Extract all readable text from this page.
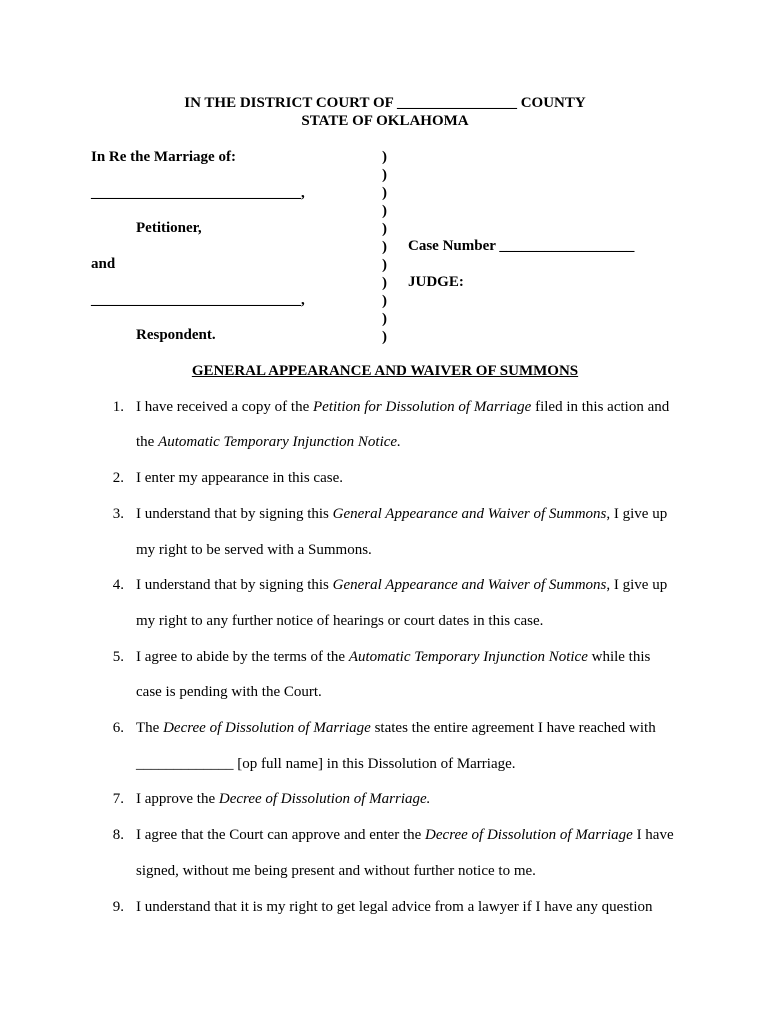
IN THE DISTRICT COURT OF ________________ COUNTY
STATE OF OKLAHOMA
In Re the Marriage of:
____________________________,
Petitioner,
and
____________________________,
Respondent.
)
)
)
)
)
)
)
)
)
)
)
Case Number __________________
JUDGE:
GENERAL APPEARANCE AND WAIVER OF SUMMONS
1. I have received a copy of the Petition for Dissolution of Marriage filed in this action and
the Automatic Temporary Injunction Notice.
2. I enter my appearance in this case.
3. I understand that by signing this General Appearance and Waiver of Summons, I give up
my right to be served with a Summons.
4. I understand that by signing this General Appearance and Waiver of Summons, I give up
my right to any further notice of hearings or court dates in this case.
5. I agree to abide by the terms of the Automatic Temporary Injunction Notice while this
case is pending with the Court.
6. The Decree of Dissolution of Marriage states the entire agreement I have reached with
_____________ [op full name] in this Dissolution of Marriage.
7. I approve the Decree of Dissolution of Marriage.
8. I agree that the Court can approve and enter the Decree of Dissolution of Marriage I have
signed, without me being present and without further notice to me.
9. I understand that it is my right to get legal advice from a lawyer if I have any question
